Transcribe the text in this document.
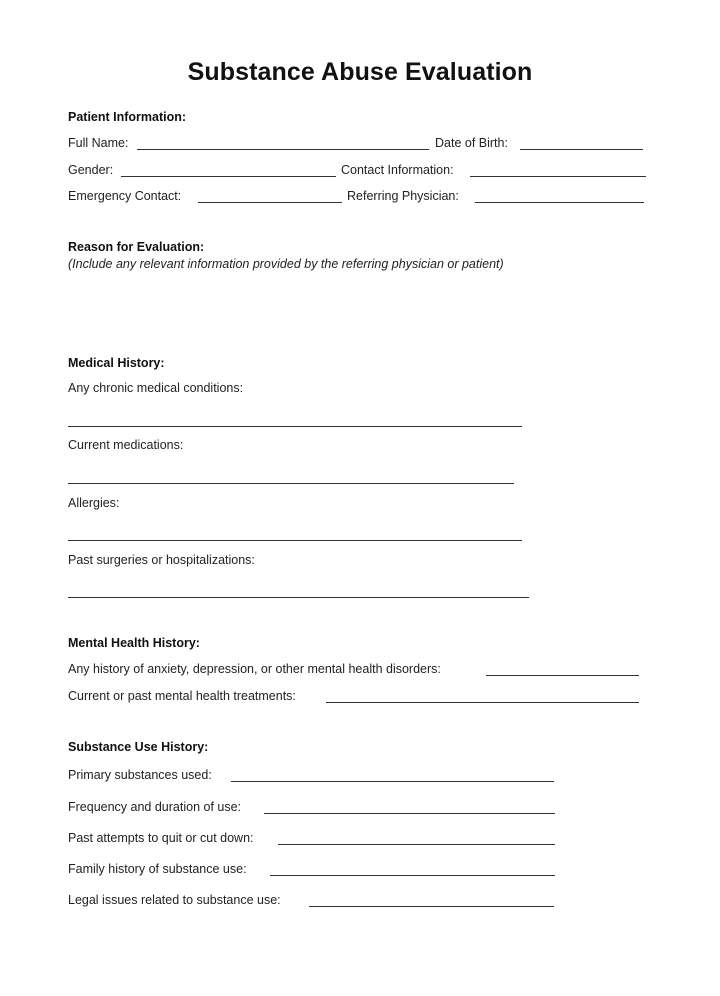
Substance Abuse Evaluation
Patient Information:
Full Name:	Date of Birth:
Gender:	Contact Information:
Emergency Contact:	Referring Physician:
Reason for Evaluation:
(Include any relevant information provided by the referring physician or patient)
Medical History:
Any chronic medical conditions:
Current medications:
Allergies:
Past surgeries or hospitalizations:
Mental Health History:
Any history of anxiety, depression, or other mental health disorders:
Current or past mental health treatments:
Substance Use History:
Primary substances used:
Frequency and duration of use:
Past attempts to quit or cut down:
Family history of substance use:
Legal issues related to substance use:
